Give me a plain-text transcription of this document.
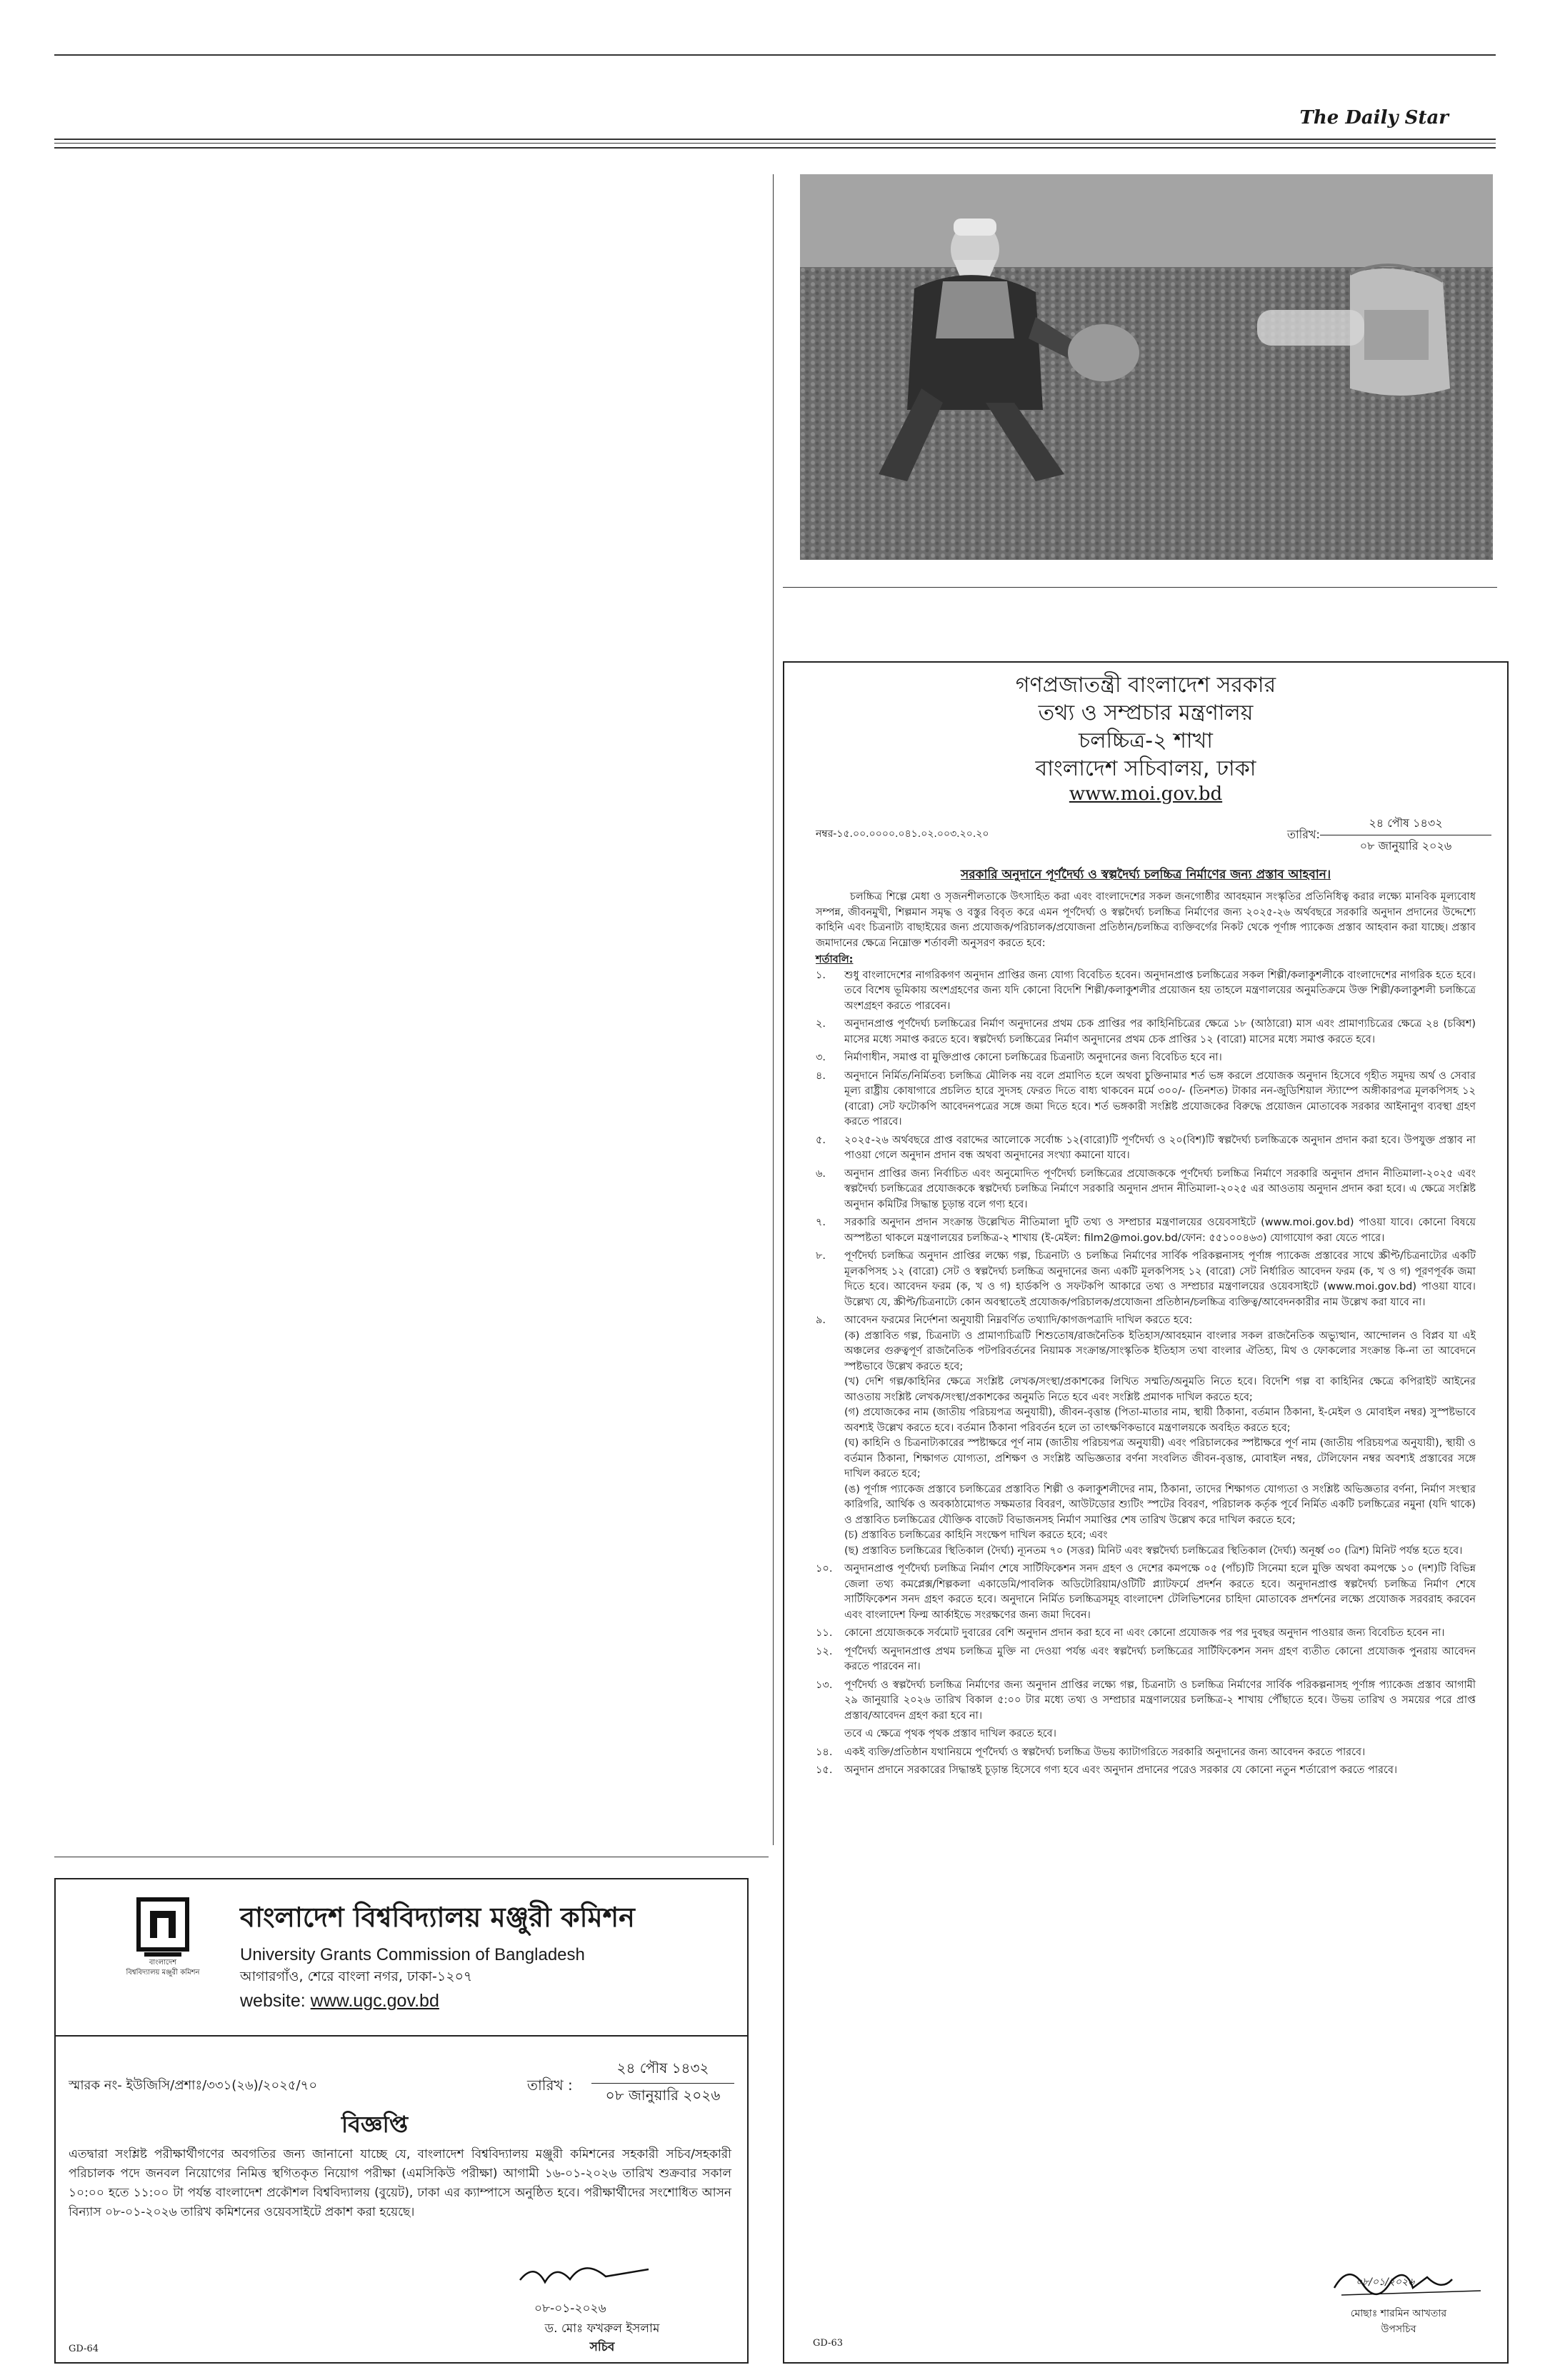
The Daily Star
গণপ্রজাতন্ত্রী বাংলাদেশ সরকার
তথ্য ও সম্প্রচার মন্ত্রণালয়
চলচ্চিত্র-২ শাখা
বাংলাদেশ সচিবালয়, ঢাকা
www.moi.gov.bd
নম্বর-১৫.০০.০০০০.০৪১.০২.০০৩.২০.২০	তারিখ:
২৪ পৌষ ১৪৩২
০৮ জানুয়ারি ২০২৬
সরকারি অনুদানে পূর্ণদৈর্ঘ্য ও স্বল্পদৈর্ঘ্য চলচ্চিত্র নির্মাণের জন্য প্রস্তাব আহবান।
চলচ্চিত্র শিল্পে মেধা ও সৃজনশীলতাকে উৎসাহিত করা এবং বাংলাদেশের সকল জনগোষ্ঠীর আবহমান সংস্কৃতির প্রতিনিধিত্ব করার লক্ষ্যে মানবিক মূল্যবোধ সম্পন্ন, জীবনমুখী, শিল্পমান সমৃদ্ধ ও বস্তুর বিবৃত করে এমন পূর্ণদৈর্ঘ্য ও স্বল্পদৈর্ঘ্য চলচ্চিত্র নির্মাণের জন্য ২০২৫-২৬ অর্থবছরে সরকারি অনুদান প্রদানের উদ্দেশ্যে কাহিনি এবং চিত্রনাট্য বাছাইয়ের জন্য প্রযোজক/পরিচালক/প্রযোজনা প্রতিষ্ঠান/চলচ্চিত্র ব্যক্তিবর্গের নিকট থেকে পূর্ণাঙ্গ প্যাকেজ প্রস্তাব আহবান করা যাচ্ছে। প্রস্তাব জমাদানের ক্ষেত্রে নিম্নোক্ত শর্তাবলী অনুসরণ করতে হবে:
শর্তাবলি:
১.	শুধু বাংলাদেশের নাগরিকগণ অনুদান প্রাপ্তির জন্য যোগ্য বিবেচিত হবেন। অনুদানপ্রাপ্ত চলচ্চিত্রের সকল শিল্পী/কলাকুশলীকে বাংলাদেশের নাগরিক হতে হবে। তবে বিশেষ ভূমিকায় অংশগ্রহণের জন্য যদি কোনো বিদেশি শিল্পী/কলাকুশলীর প্রয়োজন হয় তাহলে মন্ত্রণালয়ের অনুমতিক্রমে উক্ত শিল্পী/কলাকুশলী চলচ্চিত্রে অংশগ্রহণ করতে পারবেন।
২.	অনুদানপ্রাপ্ত পূর্ণদৈর্ঘ্য চলচ্চিত্রের নির্মাণ অনুদানের প্রথম চেক প্রাপ্তির পর কাহিনিচিত্রের ক্ষেত্রে ১৮ (আঠারো) মাস এবং প্রামাণ্যচিত্রের ক্ষেত্রে ২৪ (চব্বিশ) মাসের মধ্যে সমাপ্ত করতে হবে। স্বল্পদৈর্ঘ্য চলচ্চিত্রের নির্মাণ অনুদানের প্রথম চেক প্রাপ্তির ১২ (বারো) মাসের মধ্যে সমাপ্ত করতে হবে।
৩.	নির্মাণাধীন, সমাপ্ত বা মুক্তিপ্রাপ্ত কোনো চলচ্চিত্রের চিত্রনাট্য অনুদানের জন্য বিবেচিত হবে না।
৪.	অনুদানে নির্মিত/নির্মিতব্য চলচ্চিত্র মৌলিক নয় বলে প্রমাণিত হলে অথবা চুক্তিনামার শর্ত ভঙ্গ করলে প্রযোজক অনুদান হিসেবে গৃহীত সমুদয় অর্থ ও সেবার মূল্য রাষ্ট্রীয় কোষাগারে প্রচলিত হারে সুদসহ ফেরত দিতে বাধ্য থাকবেন মর্মে ৩০০/- (তিনশত) টাকার নন-জুডিশিয়াল স্ট্যাম্পে অঙ্গীকারপত্র মূলকপিসহ ১২ (বারো) সেট ফটোকপি আবেদনপত্রের সঙ্গে জমা দিতে হবে। শর্ত ভঙ্গকারী সংশ্লিষ্ট প্রযোজকের বিরুদ্ধে প্রয়োজন মোতাবেক সরকার আইনানুগ ব্যবস্থা গ্রহণ করতে পারবে।
৫.	২০২৫-২৬ অর্থবছরে প্রাপ্ত বরাদ্দের আলোকে সর্বোচ্চ ১২(বারো)টি পূর্ণদৈর্ঘ্য ও ২০(বিশ)টি স্বল্পদৈর্ঘ্য চলচ্চিত্রকে অনুদান প্রদান করা হবে। উপযুক্ত প্রস্তাব না পাওয়া গেলে অনুদান প্রদান বন্ধ অথবা অনুদানের সংখ্যা কমানো যাবে।
৬.	অনুদান প্রাপ্তির জন্য নির্বাচিত এবং অনুমোদিত পূর্ণদৈর্ঘ্য চলচ্চিত্রের প্রযোজককে পূর্ণদৈর্ঘ্য চলচ্চিত্র নির্মাণে সরকারি অনুদান প্রদান নীতিমালা-২০২৫ এবং স্বল্পদৈর্ঘ্য চলচ্চিত্রের প্রযোজককে স্বল্পদৈর্ঘ্য চলচ্চিত্র নির্মাণে সরকারি অনুদান প্রদান নীতিমালা-২০২৫ এর আওতায় অনুদান প্রদান করা হবে। এ ক্ষেত্রে সংশ্লিষ্ট অনুদান কমিটির সিদ্ধান্ত চূড়ান্ত বলে গণ্য হবে।
৭.	সরকারি অনুদান প্রদান সংক্রান্ত উল্লেখিত নীতিমালা দুটি তথ্য ও সম্প্রচার মন্ত্রণালয়ের ওয়েবসাইটে (www.moi.gov.bd) পাওয়া যাবে। কোনো বিষয়ে অস্পষ্টতা থাকলে মন্ত্রণালয়ের চলচ্চিত্র-২ শাখায় (ই-মেইল: film2@moi.gov.bd/ফোন: ৫৫১০০৪৬৩) যোগাযোগ করা যেতে পারে।
৮.	পূর্ণদৈর্ঘ্য চলচ্চিত্র অনুদান প্রাপ্তির লক্ষ্যে গল্প, চিত্রনাট্য ও চলচ্চিত্র নির্মাণের সার্বিক পরিকল্পনাসহ পূর্ণাঙ্গ প্যাকেজ প্রস্তাবের সাথে স্ক্রীপ্ট/চিত্রনাট্যের একটি মূলকপিসহ ১২ (বারো) সেট ও স্বল্পদৈর্ঘ্য চলচ্চিত্র অনুদানের জন্য একটি মূলকপিসহ ১২ (বারো) সেট নির্ধারিত আবেদন ফরম (ক, খ ও গ) পূরণপূর্বক জমা দিতে হবে। আবেদন ফরম (ক, খ ও গ) হার্ডকপি ও সফটকপি আকারে তথ্য ও সম্প্রচার মন্ত্রণালয়ের ওয়েবসাইটে (www.moi.gov.bd) পাওয়া যাবে। উল্লেখ্য যে, স্ক্রীপ্ট/চিত্রনাট্যে কোন অবস্থাতেই প্রযোজক/পরিচালক/প্রযোজনা প্রতিষ্ঠান/চলচ্চিত্র ব্যক্তিত্ব/আবেদনকারীর নাম উল্লেখ করা যাবে না।
৯.	আবেদন ফরমের নির্দেশনা অনুযায়ী নিম্নবর্ণিত তথ্যাদি/কাগজপত্রাদি দাখিল করতে হবে:
(ক) প্রস্তাবিত গল্প, চিত্রনাট্য ও প্রামাণ্যচিত্রটি শিশুতোষ/রাজনৈতিক ইতিহাস/আবহমান বাংলার সকল রাজনৈতিক অভ্যুত্থান, আন্দোলন ও বিপ্লব যা এই অঞ্চলের গুরুত্বপূর্ণ রাজনৈতিক পটপরিবর্তনের নিয়ামক সংক্রান্ত/সাংস্কৃতিক ইতিহাস তথা বাংলার ঐতিহ্য, মিথ ও ফোকলোর সংক্রান্ত কি-না তা আবেদনে স্পষ্টভাবে উল্লেখ করতে হবে;
(খ) দেশি গল্প/কাহিনির ক্ষেত্রে সংশ্লিষ্ট লেখক/সংস্থা/প্রকাশকের লিখিত সম্মতি/অনুমতি নিতে হবে। বিদেশি গল্প বা কাহিনির ক্ষেত্রে কপিরাইট আইনের আওতায় সংশ্লিষ্ট লেখক/সংস্থা/প্রকাশকের অনুমতি নিতে হবে এবং সংশ্লিষ্ট প্রমাণক দাখিল করতে হবে;
(গ) প্রযোজকের নাম (জাতীয় পরিচয়পত্র অনুযায়ী), জীবন-বৃত্তান্ত (পিতা-মাতার নাম, স্থায়ী ঠিকানা, বর্তমান ঠিকানা, ই-মেইল ও মোবাইল নম্বর) সুস্পষ্টভাবে অবশ্যই উল্লেখ করতে হবে। বর্তমান ঠিকানা পরিবর্তন হলে তা তাৎক্ষণিকভাবে মন্ত্রণালয়কে অবহিত করতে হবে;
(ঘ) কাহিনি ও চিত্রনাট্যকারের স্পষ্টাক্ষরে পূর্ণ নাম (জাতীয় পরিচয়পত্র অনুযায়ী) এবং পরিচালকের স্পষ্টাক্ষরে পূর্ণ নাম (জাতীয় পরিচয়পত্র অনুযায়ী), স্থায়ী ও বর্তমান ঠিকানা, শিক্ষাগত যোগ্যতা, প্রশিক্ষণ ও সংশ্লিষ্ট অভিজ্ঞতার বর্ণনা সংবলিত জীবন-বৃত্তান্ত, মোবাইল নম্বর, টেলিফোন নম্বর অবশ্যই প্রস্তাবের সঙ্গে দাখিল করতে হবে;
(ঙ) পূর্ণাঙ্গ প্যাকেজ প্রস্তাবে চলচ্চিত্রের প্রস্তাবিত শিল্পী ও কলাকুশলীদের নাম, ঠিকানা, তাদের শিক্ষাগত যোগ্যতা ও সংশ্লিষ্ট অভিজ্ঞতার বর্ণনা, নির্মাণ সংস্থার কারিগরি, আর্থিক ও অবকাঠামোগত সক্ষমতার বিবরণ, আউটডোর শ্যুটিং স্পটের বিবরণ, পরিচালক কর্তৃক পূর্বে নির্মিত একটি চলচ্চিত্রের নমুনা (যদি থাকে) ও প্রস্তাবিত চলচ্চিত্রের যৌক্তিক বাজেট বিভাজনসহ নির্মাণ সমাপ্তির শেষ তারিখ উল্লেখ করে দাখিল করতে হবে;
(চ) প্রস্তাবিত চলচ্চিত্রের কাহিনি সংক্ষেপ দাখিল করতে হবে; এবং
(ছ) প্রস্তাবিত চলচ্চিত্রের স্থিতিকাল (দৈর্ঘ্য) ন্যূনতম ৭০ (সত্তর) মিনিট এবং স্বল্পদৈর্ঘ্য চলচ্চিত্রের স্থিতিকাল (দৈর্ঘ্য) অনূর্ধ্ব ৩০ (ত্রিশ) মিনিট পর্যন্ত হতে হবে।
১০.	অনুদানপ্রাপ্ত পূর্ণদৈর্ঘ্য চলচ্চিত্র নির্মাণ শেষে সার্টিফিকেশন সনদ গ্রহণ ও দেশের কমপক্ষে ০৫ (পাঁচ)টি সিনেমা হলে মুক্তি অথবা কমপক্ষে ১০ (দশ)টি বিভিন্ন জেলা তথ্য কমপ্লেক্স/শিল্পকলা একাডেমি/পাবলিক অডিটোরিয়াম/ওটিটি প্ল্যাটফর্মে প্রদর্শন করতে হবে। অনুদানপ্রাপ্ত স্বল্পদৈর্ঘ্য চলচ্চিত্র নির্মাণ শেষে সার্টিফিকেশন সনদ গ্রহণ করতে হবে। অনুদানে নির্মিত চলচ্চিত্রসমূহ বাংলাদেশ টেলিভিশনের চাহিদা মোতাবেক প্রদর্শনের লক্ষ্যে প্রযোজক সরবরাহ করবেন এবং বাংলাদেশ ফিল্ম আর্কাইভে সংরক্ষণের জন্য জমা দিবেন।
১১.	কোনো প্রযোজককে সর্বমোট দুবারের বেশি অনুদান প্রদান করা হবে না এবং কোনো প্রযোজক পর পর দুবছর অনুদান পাওয়ার জন্য বিবেচিত হবেন না।
১২.	পূর্ণদৈর্ঘ্য অনুদানপ্রাপ্ত প্রথম চলচ্চিত্র মুক্তি না দেওয়া পর্যন্ত এবং স্বল্পদৈর্ঘ্য চলচ্চিত্রের সার্টিফিকেশন সনদ গ্রহণ ব্যতীত কোনো প্রযোজক পুনরায় আবেদন করতে পারবেন না।
১৩.	পূর্ণদৈর্ঘ্য ও স্বল্পদৈর্ঘ্য চলচ্চিত্র নির্মাণের জন্য অনুদান প্রাপ্তির লক্ষ্যে গল্প, চিত্রনাট্য ও চলচ্চিত্র নির্মাণের সার্বিক পরিকল্পনাসহ পূর্ণাঙ্গ প্যাকেজ প্রস্তাব আগামী ২৯ জানুয়ারি ২০২৬ তারিখ বিকাল ৫:০০ টার মধ্যে তথ্য ও সম্প্রচার মন্ত্রণালয়ের চলচ্চিত্র-২ শাখায় পৌঁছাতে হবে। উভয় তারিখ ও সময়ের পরে প্রাপ্ত প্রস্তাব/আবেদন গ্রহণ করা হবে না।
তবে এ ক্ষেত্রে পৃথক পৃথক প্রস্তাব দাখিল করতে হবে।
১৪.	একই ব্যক্তি/প্রতিষ্ঠান যথানিয়মে পূর্ণদৈর্ঘ্য ও স্বল্পদৈর্ঘ্য চলচ্চিত্র উভয় ক্যাটাগরিতে সরকারি অনুদানের জন্য আবেদন করতে পারবে।
১৫.	অনুদান প্রদানে সরকারের সিদ্ধান্তই চূড়ান্ত হিসেবে গণ্য হবে এবং অনুদান প্রদানের পরেও সরকার যে কোনো নতুন শর্তারোপ করতে পারবে।
০৮/০১/২০২৬
মোছাঃ শারমিন আখতার
উপসচিব
GD-63
বাংলাদেশ
বিশ্ববিদ্যালয় মঞ্জুরী কমিশন
বাংলাদেশ বিশ্ববিদ্যালয় মঞ্জুরী কমিশন
University Grants Commission of Bangladesh
আগারগাঁও, শেরে বাংলা নগর, ঢাকা-১২০৭
website: www.ugc.gov.bd
স্মারক নং- ইউজিসি/প্রশাঃ/৩৩১(২৬)/২০২৫/৭০	তারিখ :
২৪ পৌষ ১৪৩২
০৮ জানুয়ারি ২০২৬
বিজ্ঞপ্তি
এতদ্বারা সংশ্লিষ্ট পরীক্ষার্থীগণের অবগতির জন্য জানানো যাচ্ছে যে, বাংলাদেশ বিশ্ববিদ্যালয় মঞ্জুরী কমিশনের সহকারী সচিব/সহকারী পরিচালক পদে জনবল নিয়োগের নিমিত্ত স্থগিতকৃত নিয়োগ পরীক্ষা (এমসিকিউ পরীক্ষা) আগামী ১৬-০১-২০২৬ তারিখ শুক্রবার সকাল ১০:০০ হতে ১১:০০ টা পর্যন্ত বাংলাদেশ প্রকৌশল বিশ্ববিদ্যালয় (বুয়েট), ঢাকা এর ক্যাম্পাসে অনুষ্ঠিত হবে। পরীক্ষার্থীদের সংশোধিত আসন বিন্যাস ০৮-০১-২০২৬ তারিখ কমিশনের ওয়েবসাইটে প্রকাশ করা হয়েছে।
০৮-০১-২০২৬
ড. মোঃ ফখরুল ইসলাম
সচিব
GD-64
